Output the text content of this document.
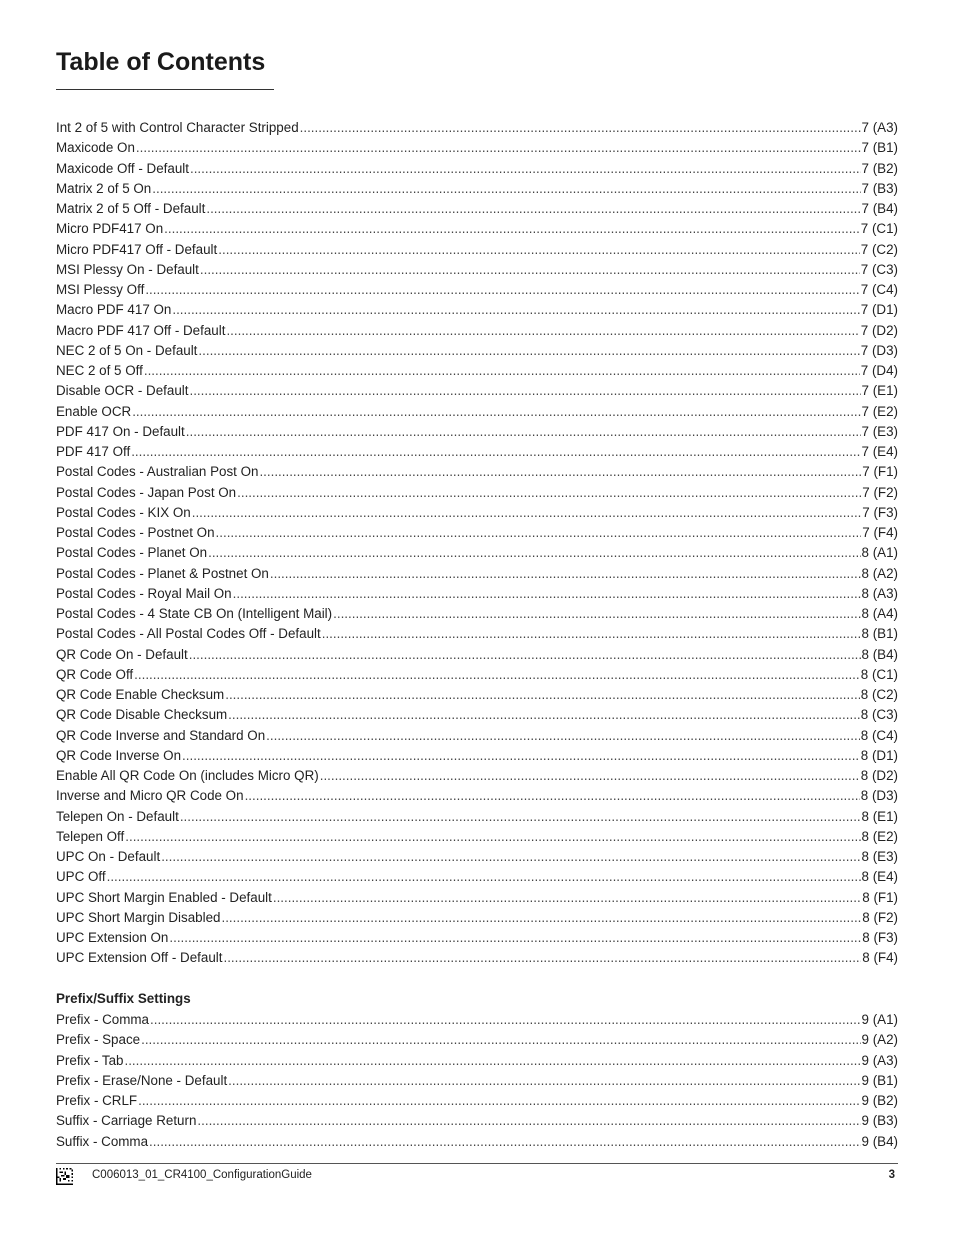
Table of Contents
Int 2 of 5 with Control Character Stripped .....	7 (A3)
Maxicode On .....	7 (B1)
Maxicode Off - Default .....	7 (B2)
Matrix 2 of 5 On .....	7 (B3)
Matrix 2 of 5 Off - Default .....	7 (B4)
Micro PDF417 On .....	7 (C1)
Micro PDF417 Off - Default .....	7 (C2)
MSI Plessy On - Default .....	7 (C3)
MSI Plessy Off .....	7 (C4)
Macro PDF 417 On .....	7 (D1)
Macro PDF 417 Off - Default .....	7 (D2)
NEC 2 of 5 On - Default .....	7 (D3)
NEC 2 of 5 Off .....	7 (D4)
Disable OCR - Default .....	7 (E1)
Enable OCR .....	7 (E2)
PDF 417 On - Default .....	7 (E3)
PDF 417 Off .....	7 (E4)
Postal Codes - Australian Post On .....	7 (F1)
Postal Codes - Japan Post On .....	7 (F2)
Postal Codes - KIX On .....	7 (F3)
Postal Codes - Postnet On .....	7 (F4)
Postal Codes - Planet On .....	8 (A1)
Postal Codes - Planet & Postnet On .....	8 (A2)
Postal Codes - Royal Mail On .....	8 (A3)
Postal Codes - 4 State CB On (Intelligent Mail) .....	8 (A4)
Postal Codes - All Postal Codes Off - Default .....	8 (B1)
QR Code On - Default .....	8 (B4)
QR Code Off .....	8 (C1)
QR Code Enable Checksum .....	8 (C2)
QR Code Disable Checksum .....	8 (C3)
QR Code Inverse and Standard On .....	8 (C4)
QR Code Inverse On .....	8 (D1)
Enable All QR Code On (includes Micro QR) .....	8 (D2)
Inverse and Micro QR Code On .....	8 (D3)
Telepen On - Default .....	8 (E1)
Telepen Off .....	8 (E2)
UPC On - Default .....	8 (E3)
UPC Off .....	8 (E4)
UPC Short Margin Enabled - Default .....	8 (F1)
UPC Short Margin Disabled .....	8 (F2)
UPC Extension On .....	8 (F3)
UPC Extension Off - Default .....	8 (F4)
Prefix/Suffix Settings
Prefix - Comma .....	9 (A1)
Prefix - Space .....	9 (A2)
Prefix - Tab .....	9 (A3)
Prefix - Erase/None - Default .....	9 (B1)
Prefix - CRLF .....	9 (B2)
Suffix - Carriage Return .....	9 (B3)
Suffix - Comma .....	9 (B4)
C006013_01_CR4100_ConfigurationGuide	3
